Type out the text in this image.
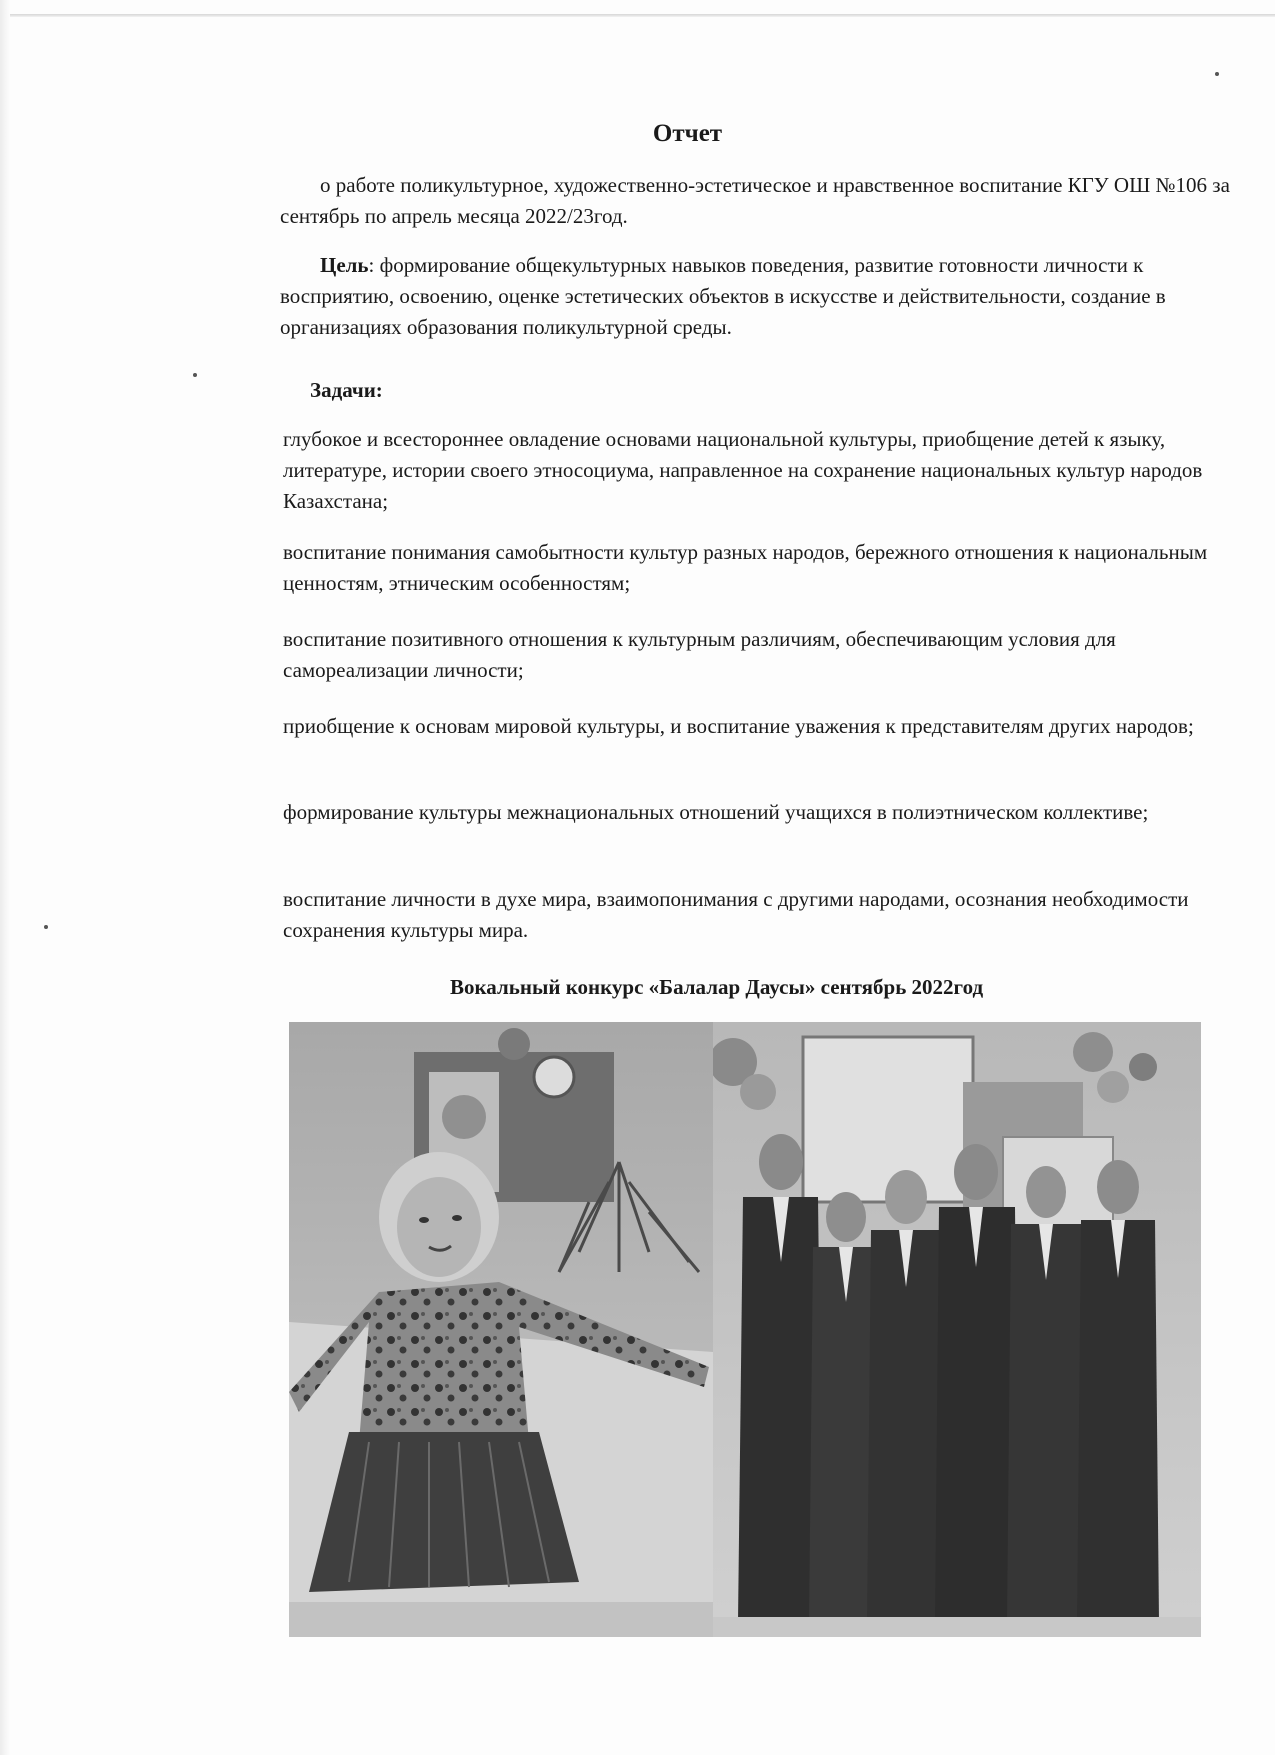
Отчет
о работе поликультурное, художественно-эстетическое и нравственное воспитание КГУ ОШ №106 за сентябрь по апрель месяца 2022/23год.
Цель: формирование общекультурных навыков поведения, развитие готовности личности к восприятию, освоению, оценке эстетических объектов в искусстве и действительности, создание в организациях образования поликультурной среды.
Задачи:
глубокое и всестороннее овладение основами национальной культуры, приобщение детей к языку, литературе, истории своего этносоциума, направленное на сохранение национальных культур народов Казахстана;
воспитание понимания самобытности культур разных народов, бережного отношения к национальным ценностям, этническим особенностям;
воспитание позитивного отношения к культурным различиям, обеспечивающим условия для самореализации личности;
приобщение к основам мировой культуры, и воспитание уважения к представителям других народов;
формирование культуры межнациональных отношений учащихся в полиэтническом коллективе;
воспитание личности в духе мира, взаимопонимания с другими народами, осознания необходимости сохранения культуры мира.
Вокальный конкурс «Балалар Даусы» сентябрь 2022год
